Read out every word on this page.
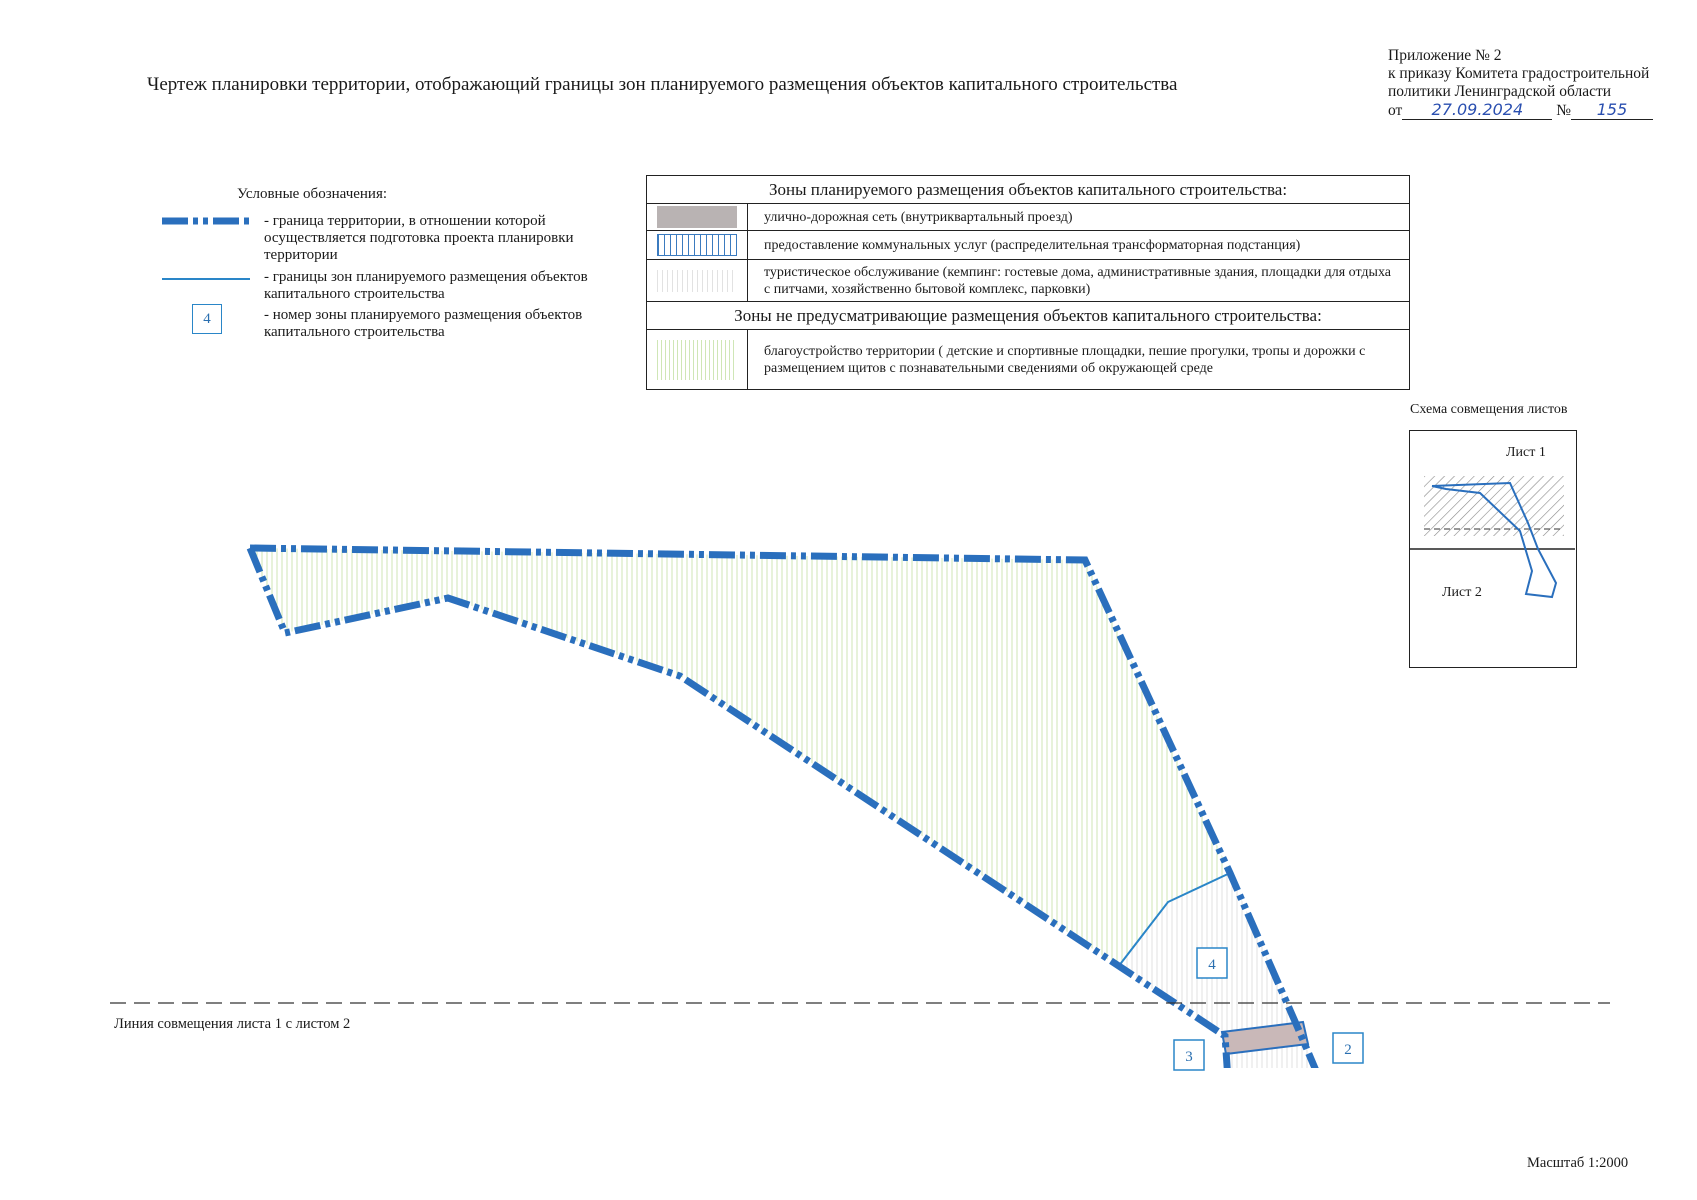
Чертеж планировки территории, отображающий границы зон планируемого размещения объектов капитального строительства
Приложение № 2
к приказу Комитета градостроительной
политики Ленинградской области
от 27.09.2024 № 155
Условные обозначения:
- граница территории, в отношении которой осуществляется подготовка проекта планировки территории
- границы зон планируемого размещения объектов капитального строительства
4	- номер зоны планируемого размещения объектов капитального строительства
Зоны планируемого размещения объектов капитального строительства:	
	улично-дорожная сеть (внутриквартальный проезд)
	предоставление коммунальных услуг (распределительная трансформаторная подстанция)
	туристическое обслуживание (кемпинг: гостевые дома, административные здания, площадки для отдыха с питчами, хозяйственно бытовой комплекс, парковки)
Зоны не предусматривающие размещения объектов капитального строительства:	
	благоустройство территории ( детские и спортивные площадки, пешие прогулки, тропы и дорожки с размещением щитов с познавательными сведениями об окружающей среде
Схема совмещения листов
Лист 1
Лист 2
4
3	2
Линия совмещения листа 1 с листом 2
Масштаб 1:2000
